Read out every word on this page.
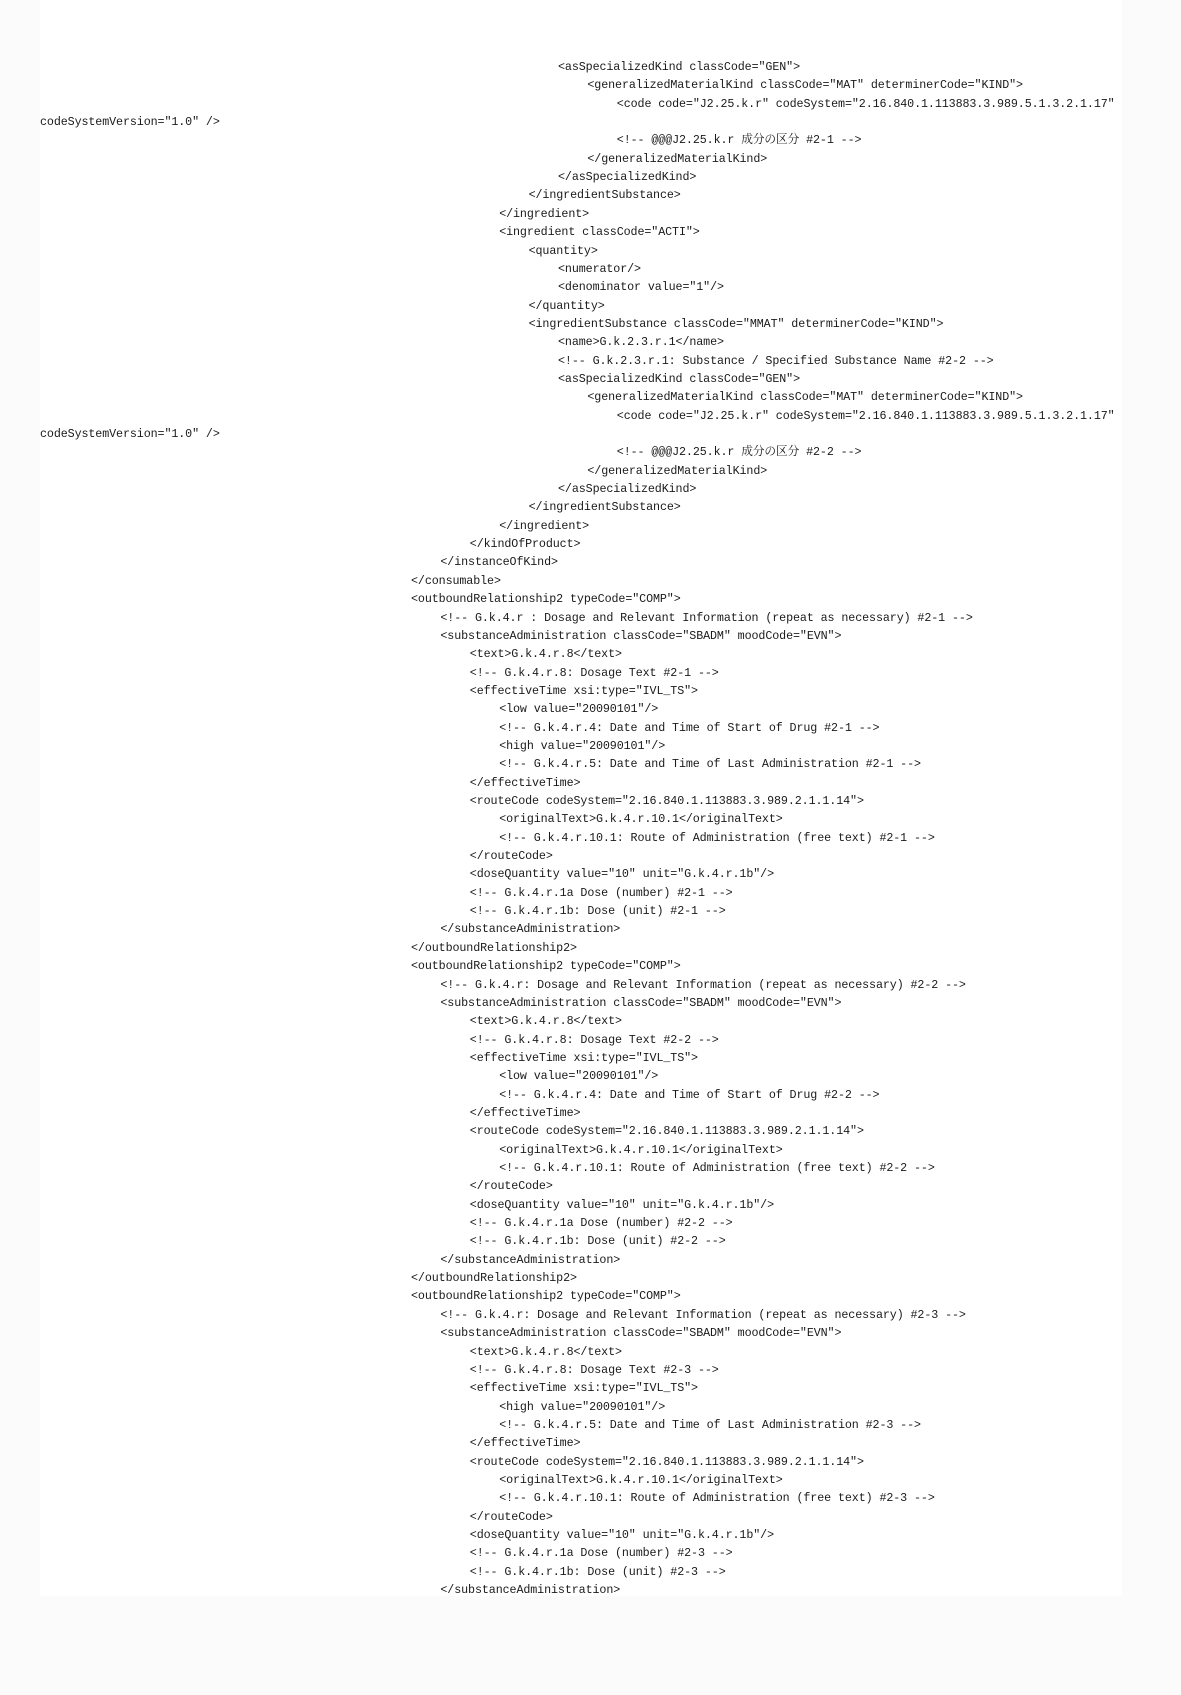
<asSpecializedKind classCode="GEN">
<generalizedMaterialKind classCode="MAT" determinerCode="KIND">
<code code="J2.25.k.r" codeSystem="2.16.840.1.113883.3.989.5.1.3.2.1.17"
codeSystemVersion="1.0" />
<!-- @@@J2.25.k.r 成分の区分 #2-1 -->
</generalizedMaterialKind>
</asSpecializedKind>
</ingredientSubstance>
</ingredient>
<ingredient classCode="ACTI">
<quantity>
<numerator/>
<denominator value="1"/>
</quantity>
<ingredientSubstance classCode="MMAT" determinerCode="KIND">
<name>G.k.2.3.r.1</name>
<!-- G.k.2.3.r.1: Substance / Specified Substance Name #2-2 -->
<asSpecializedKind classCode="GEN">
<generalizedMaterialKind classCode="MAT" determinerCode="KIND">
<code code="J2.25.k.r" codeSystem="2.16.840.1.113883.3.989.5.1.3.2.1.17"
codeSystemVersion="1.0" />
<!-- @@@J2.25.k.r 成分の区分 #2-2 -->
</generalizedMaterialKind>
</asSpecializedKind>
</ingredientSubstance>
</ingredient>
</kindOfProduct>
</instanceOfKind>
</consumable>
<outboundRelationship2 typeCode="COMP">
<!-- G.k.4.r : Dosage and Relevant Information (repeat as necessary) #2-1 -->
<substanceAdministration classCode="SBADM" moodCode="EVN">
<text>G.k.4.r.8</text>
<!-- G.k.4.r.8: Dosage Text #2-1 -->
<effectiveTime xsi:type="IVL_TS">
<low value="20090101"/>
<!-- G.k.4.r.4: Date and Time of Start of Drug #2-1 -->
<high value="20090101"/>
<!-- G.k.4.r.5: Date and Time of Last Administration #2-1 -->
</effectiveTime>
<routeCode codeSystem="2.16.840.1.113883.3.989.2.1.1.14">
<originalText>G.k.4.r.10.1</originalText>
<!-- G.k.4.r.10.1: Route of Administration (free text) #2-1 -->
</routeCode>
<doseQuantity value="10" unit="G.k.4.r.1b"/>
<!-- G.k.4.r.1a Dose (number) #2-1 -->
<!-- G.k.4.r.1b: Dose (unit) #2-1 -->
</substanceAdministration>
</outboundRelationship2>
<outboundRelationship2 typeCode="COMP">
<!-- G.k.4.r: Dosage and Relevant Information (repeat as necessary) #2-2 -->
<substanceAdministration classCode="SBADM" moodCode="EVN">
<text>G.k.4.r.8</text>
<!-- G.k.4.r.8: Dosage Text #2-2 -->
<effectiveTime xsi:type="IVL_TS">
<low value="20090101"/>
<!-- G.k.4.r.4: Date and Time of Start of Drug #2-2 -->
</effectiveTime>
<routeCode codeSystem="2.16.840.1.113883.3.989.2.1.1.14">
<originalText>G.k.4.r.10.1</originalText>
<!-- G.k.4.r.10.1: Route of Administration (free text) #2-2 -->
</routeCode>
<doseQuantity value="10" unit="G.k.4.r.1b"/>
<!-- G.k.4.r.1a Dose (number) #2-2 -->
<!-- G.k.4.r.1b: Dose (unit) #2-2 -->
</substanceAdministration>
</outboundRelationship2>
<outboundRelationship2 typeCode="COMP">
<!-- G.k.4.r: Dosage and Relevant Information (repeat as necessary) #2-3 -->
<substanceAdministration classCode="SBADM" moodCode="EVN">
<text>G.k.4.r.8</text>
<!-- G.k.4.r.8: Dosage Text #2-3 -->
<effectiveTime xsi:type="IVL_TS">
<high value="20090101"/>
<!-- G.k.4.r.5: Date and Time of Last Administration #2-3 -->
</effectiveTime>
<routeCode codeSystem="2.16.840.1.113883.3.989.2.1.1.14">
<originalText>G.k.4.r.10.1</originalText>
<!-- G.k.4.r.10.1: Route of Administration (free text) #2-3 -->
</routeCode>
<doseQuantity value="10" unit="G.k.4.r.1b"/>
<!-- G.k.4.r.1a Dose (number) #2-3 -->
<!-- G.k.4.r.1b: Dose (unit) #2-3 -->
</substanceAdministration>
